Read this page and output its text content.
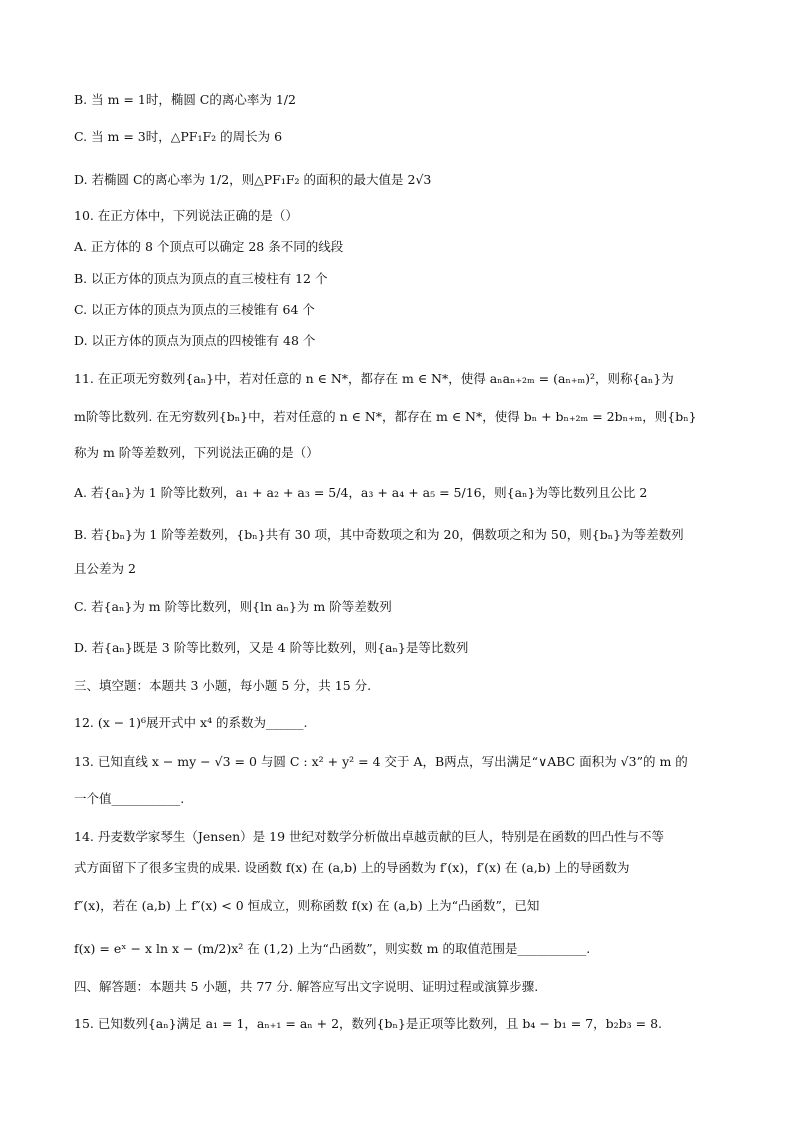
B. 当 m = 1时，椭圆 C的离心率为 1/2
C. 当 m = 3时，△PF₁F₂ 的周长为 6
D. 若椭圆 C的离心率为 1/2，则△PF₁F₂ 的面积的最大值是 2√3
10. 在正方体中，下列说法正确的是（）
A. 正方体的 8 个顶点可以确定 28 条不同的线段
B. 以正方体的顶点为顶点的直三棱柱有 12 个
C. 以正方体的顶点为顶点的三棱锥有 64 个
D. 以正方体的顶点为顶点的四棱锥有 48 个
11. 在正项无穷数列{aₙ}中，若对任意的 n ∈ N*，都存在 m ∈ N*，使得 aₙaₙ₊₂ₘ = (aₙ₊ₘ)²，则称{aₙ}为
m阶等比数列. 在无穷数列{bₙ}中，若对任意的 n ∈ N*，都存在 m ∈ N*，使得 bₙ + bₙ₊₂ₘ = 2bₙ₊ₘ，则{bₙ}
称为 m 阶等差数列，下列说法正确的是（）
A. 若{aₙ}为 1 阶等比数列，a₁ + a₂ + a₃ = 5/4，a₃ + a₄ + a₅ = 5/16，则{aₙ}为等比数列且公比 2
B. 若{bₙ}为 1 阶等差数列，{bₙ}共有 30 项，其中奇数项之和为 20，偶数项之和为 50，则{bₙ}为等差数列
且公差为 2
C. 若{aₙ}为 m 阶等比数列，则{ln aₙ}为 m 阶等差数列
D. 若{aₙ}既是 3 阶等比数列，又是 4 阶等比数列，则{aₙ}是等比数列
三、填空题：本题共 3 小题，每小题 5 分，共 15 分.
12. (x − 1)⁶展开式中 x⁴ 的系数为______.
13. 已知直线 x − my − √3 = 0 与圆 C : x² + y² = 4 交于 A，B两点，写出满足“∨ABC 面积为 √3”的 m 的
一个值___________.
14. 丹麦数学家琴生（Jensen）是 19 世纪对数学分析做出卓越贡献的巨人，特别是在函数的凹凸性与不等
式方面留下了很多宝贵的成果. 设函数 f(x) 在 (a,b) 上的导函数为 f′(x)，f′(x) 在 (a,b) 上的导函数为
f″(x)，若在 (a,b) 上 f″(x) < 0 恒成立，则称函数 f(x) 在 (a,b) 上为“凸函数”，已知
f(x) = eˣ − x ln x − (m/2)x² 在 (1,2) 上为“凸函数”，则实数 m 的取值范围是___________.
四、解答题：本题共 5 小题，共 77 分. 解答应写出文字说明、证明过程或演算步骤.
15. 已知数列{aₙ}满足 a₁ = 1，aₙ₊₁ = aₙ + 2，数列{bₙ}是正项等比数列，且 b₄ − b₁ = 7，b₂b₃ = 8.
